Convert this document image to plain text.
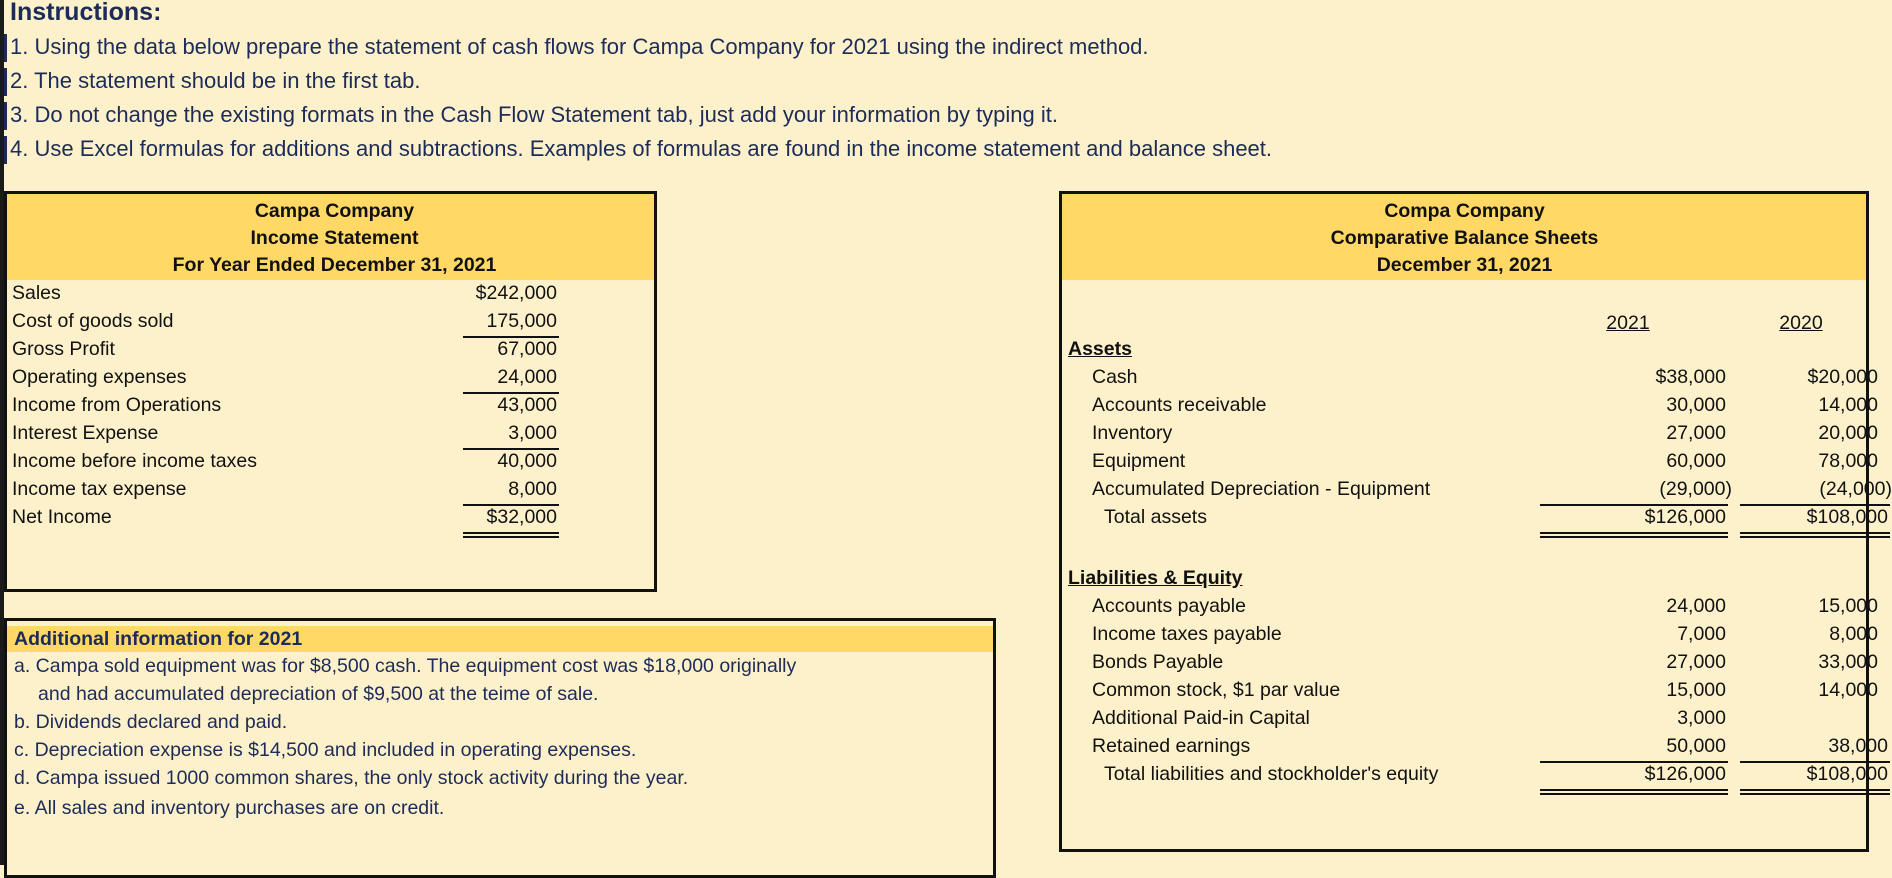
Instructions:
1. Using the data below prepare the statement of cash flows for Campa Company for 2021 using the indirect method.
2. The statement should be in the first tab.
3. Do not change the existing formats in the Cash Flow Statement tab, just add your information by typing it.
4. Use Excel formulas for additions and subtractions. Examples of formulas are found in the income statement and balance sheet.
Campa Company
Income Statement
For Year Ended December 31, 2021
Sales	$242,000
Cost of goods sold	175,000
Gross Profit	67,000
Operating expenses	24,000
Income from Operations	43,000
Interest Expense	3,000
Income before income taxes	40,000
Income tax expense	8,000
Net Income	$32,000
Additional information for 2021
a. Campa sold equipment was for $8,500 cash. The equipment cost was $18,000 originally
and had accumulated depreciation of $9,500 at the teime of sale.
b. Dividends declared and paid.
c. Depreciation expense is $14,500 and included in operating expenses.
d. Campa issued 1000 common shares, the only stock activity during the year.
e. All sales and inventory purchases are on credit.
Compa Company
Comparative Balance Sheets
December 31, 2021
2021	2020
Assets
Cash	$38,000	$20,000
Accounts receivable	30,000	14,000
Inventory	27,000	20,000
Equipment	60,000	78,000
Accumulated Depreciation - Equipment	(29,000)	(24,000)
Total assets	$126,000	$108,000
Liabilities & Equity
Accounts payable	24,000	15,000
Income taxes payable	7,000	8,000
Bonds Payable	27,000	33,000
Common stock, $1 par value	15,000	14,000
Additional Paid-in Capital	3,000
Retained earnings	50,000	38,000
Total liabilities and stockholder's equity	$126,000	$108,000
